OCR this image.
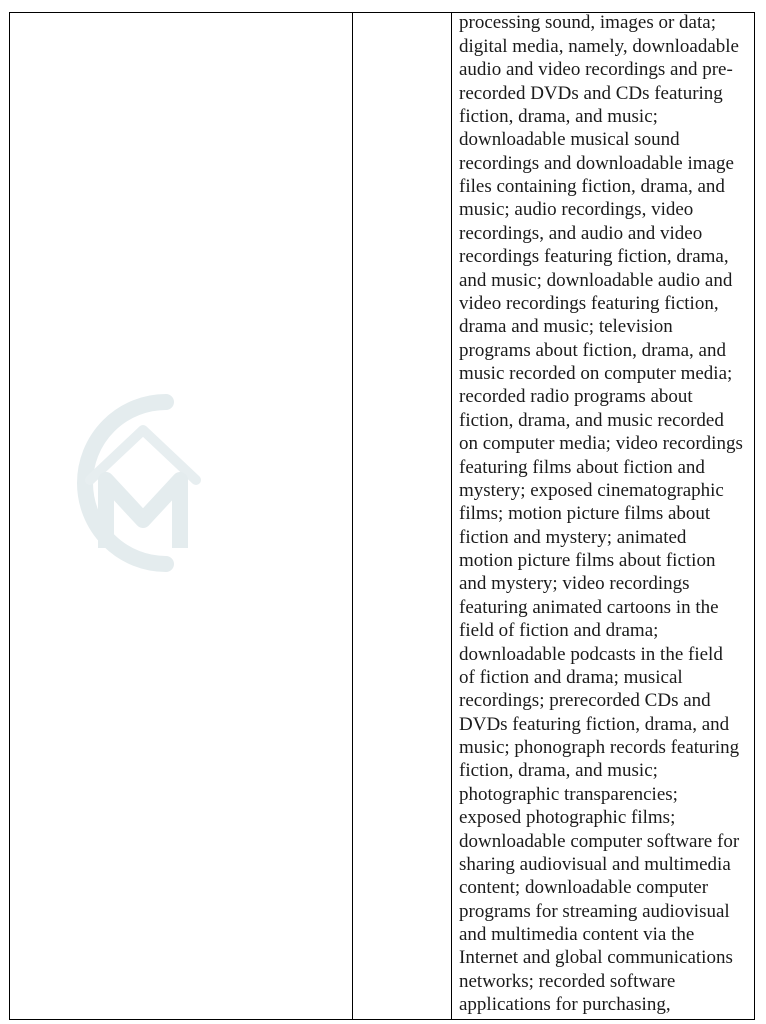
processing sound, images or data;
digital media, namely, downloadable
audio and video recordings and pre-
recorded DVDs and CDs featuring
fiction, drama, and music;
downloadable musical sound
recordings and downloadable image
files containing fiction, drama, and
music; audio recordings, video
recordings, and audio and video
recordings featuring fiction, drama,
and music; downloadable audio and
video recordings featuring fiction,
drama and music; television
programs about fiction, drama, and
music recorded on computer media;
recorded radio programs about
fiction, drama, and music recorded
on computer media; video recordings
featuring films about fiction and
mystery; exposed cinematographic
films; motion picture films about
fiction and mystery; animated
motion picture films about fiction
and mystery; video recordings
featuring animated cartoons in the
field of fiction and drama;
downloadable podcasts in the field
of fiction and drama; musical
recordings; prerecorded CDs and
DVDs featuring fiction, drama, and
music; phonograph records featuring
fiction, drama, and music;
photographic transparencies;
exposed photographic films;
downloadable computer software for
sharing audiovisual and multimedia
content; downloadable computer
programs for streaming audiovisual
and multimedia content via the
Internet and global communications
networks; recorded software
applications for purchasing,
